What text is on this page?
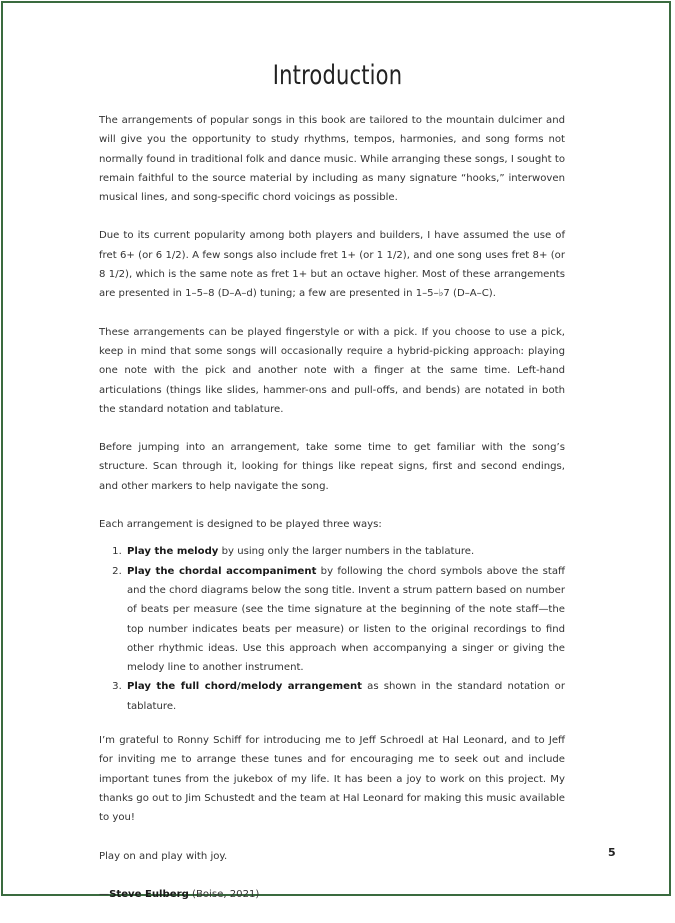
Introduction

The arrangements of popular songs in this book are tailored to the mountain dulcimer and will give you the opportunity to study rhythms, tempos, harmonies, and song forms not normally found in traditional folk and dance music. While arranging these songs, I sought to remain faithful to the source material by including as many signature “hooks,” interwoven musical lines, and song-specific chord voicings as possible.

Due to its current popularity among both players and builders, I have assumed the use of fret 6+ (or 6 1/2). A few songs also include fret 1+ (or 1 1/2), and one song uses fret 8+ (or 8 1/2), which is the same note as fret 1+ but an octave higher. Most of these arrangements are presented in 1–5–8 (D–A–d) tuning; a few are presented in 1–5–♭7 (D–A–C).

These arrangements can be played fingerstyle or with a pick. If you choose to use a pick, keep in mind that some songs will occasionally require a hybrid-picking approach: playing one note with the pick and another note with a finger at the same time. Left-hand articulations (things like slides, hammer-ons and pull-offs, and bends) are notated in both the standard notation and tablature.

Before jumping into an arrangement, take some time to get familiar with the song’s structure. Scan through it, looking for things like repeat signs, first and second endings, and other markers to help navigate the song.

Each arrangement is designed to be played three ways:

1. Play the melody by using only the larger numbers in the tablature.
2. Play the chordal accompaniment by following the chord symbols above the staff and the chord diagrams below the song title. Invent a strum pattern based on number of beats per measure (see the time signature at the beginning of the note staff—the top number indicates beats per measure) or listen to the original recordings to find other rhythmic ideas. Use this approach when accompanying a singer or giving the melody line to another instrument.
3. Play the full chord/melody arrangement as shown in the standard notation or tablature.

I’m grateful to Ronny Schiff for introducing me to Jeff Schroedl at Hal Leonard, and to Jeff for inviting me to arrange these tunes and for encouraging me to seek out and include important tunes from the jukebox of my life. It has been a joy to work on this project. My thanks go out to Jim Schustedt and the team at Hal Leonard for making this music available to you!

Play on and play with joy.

—Steve Eulberg (Boise, 2021)

5
